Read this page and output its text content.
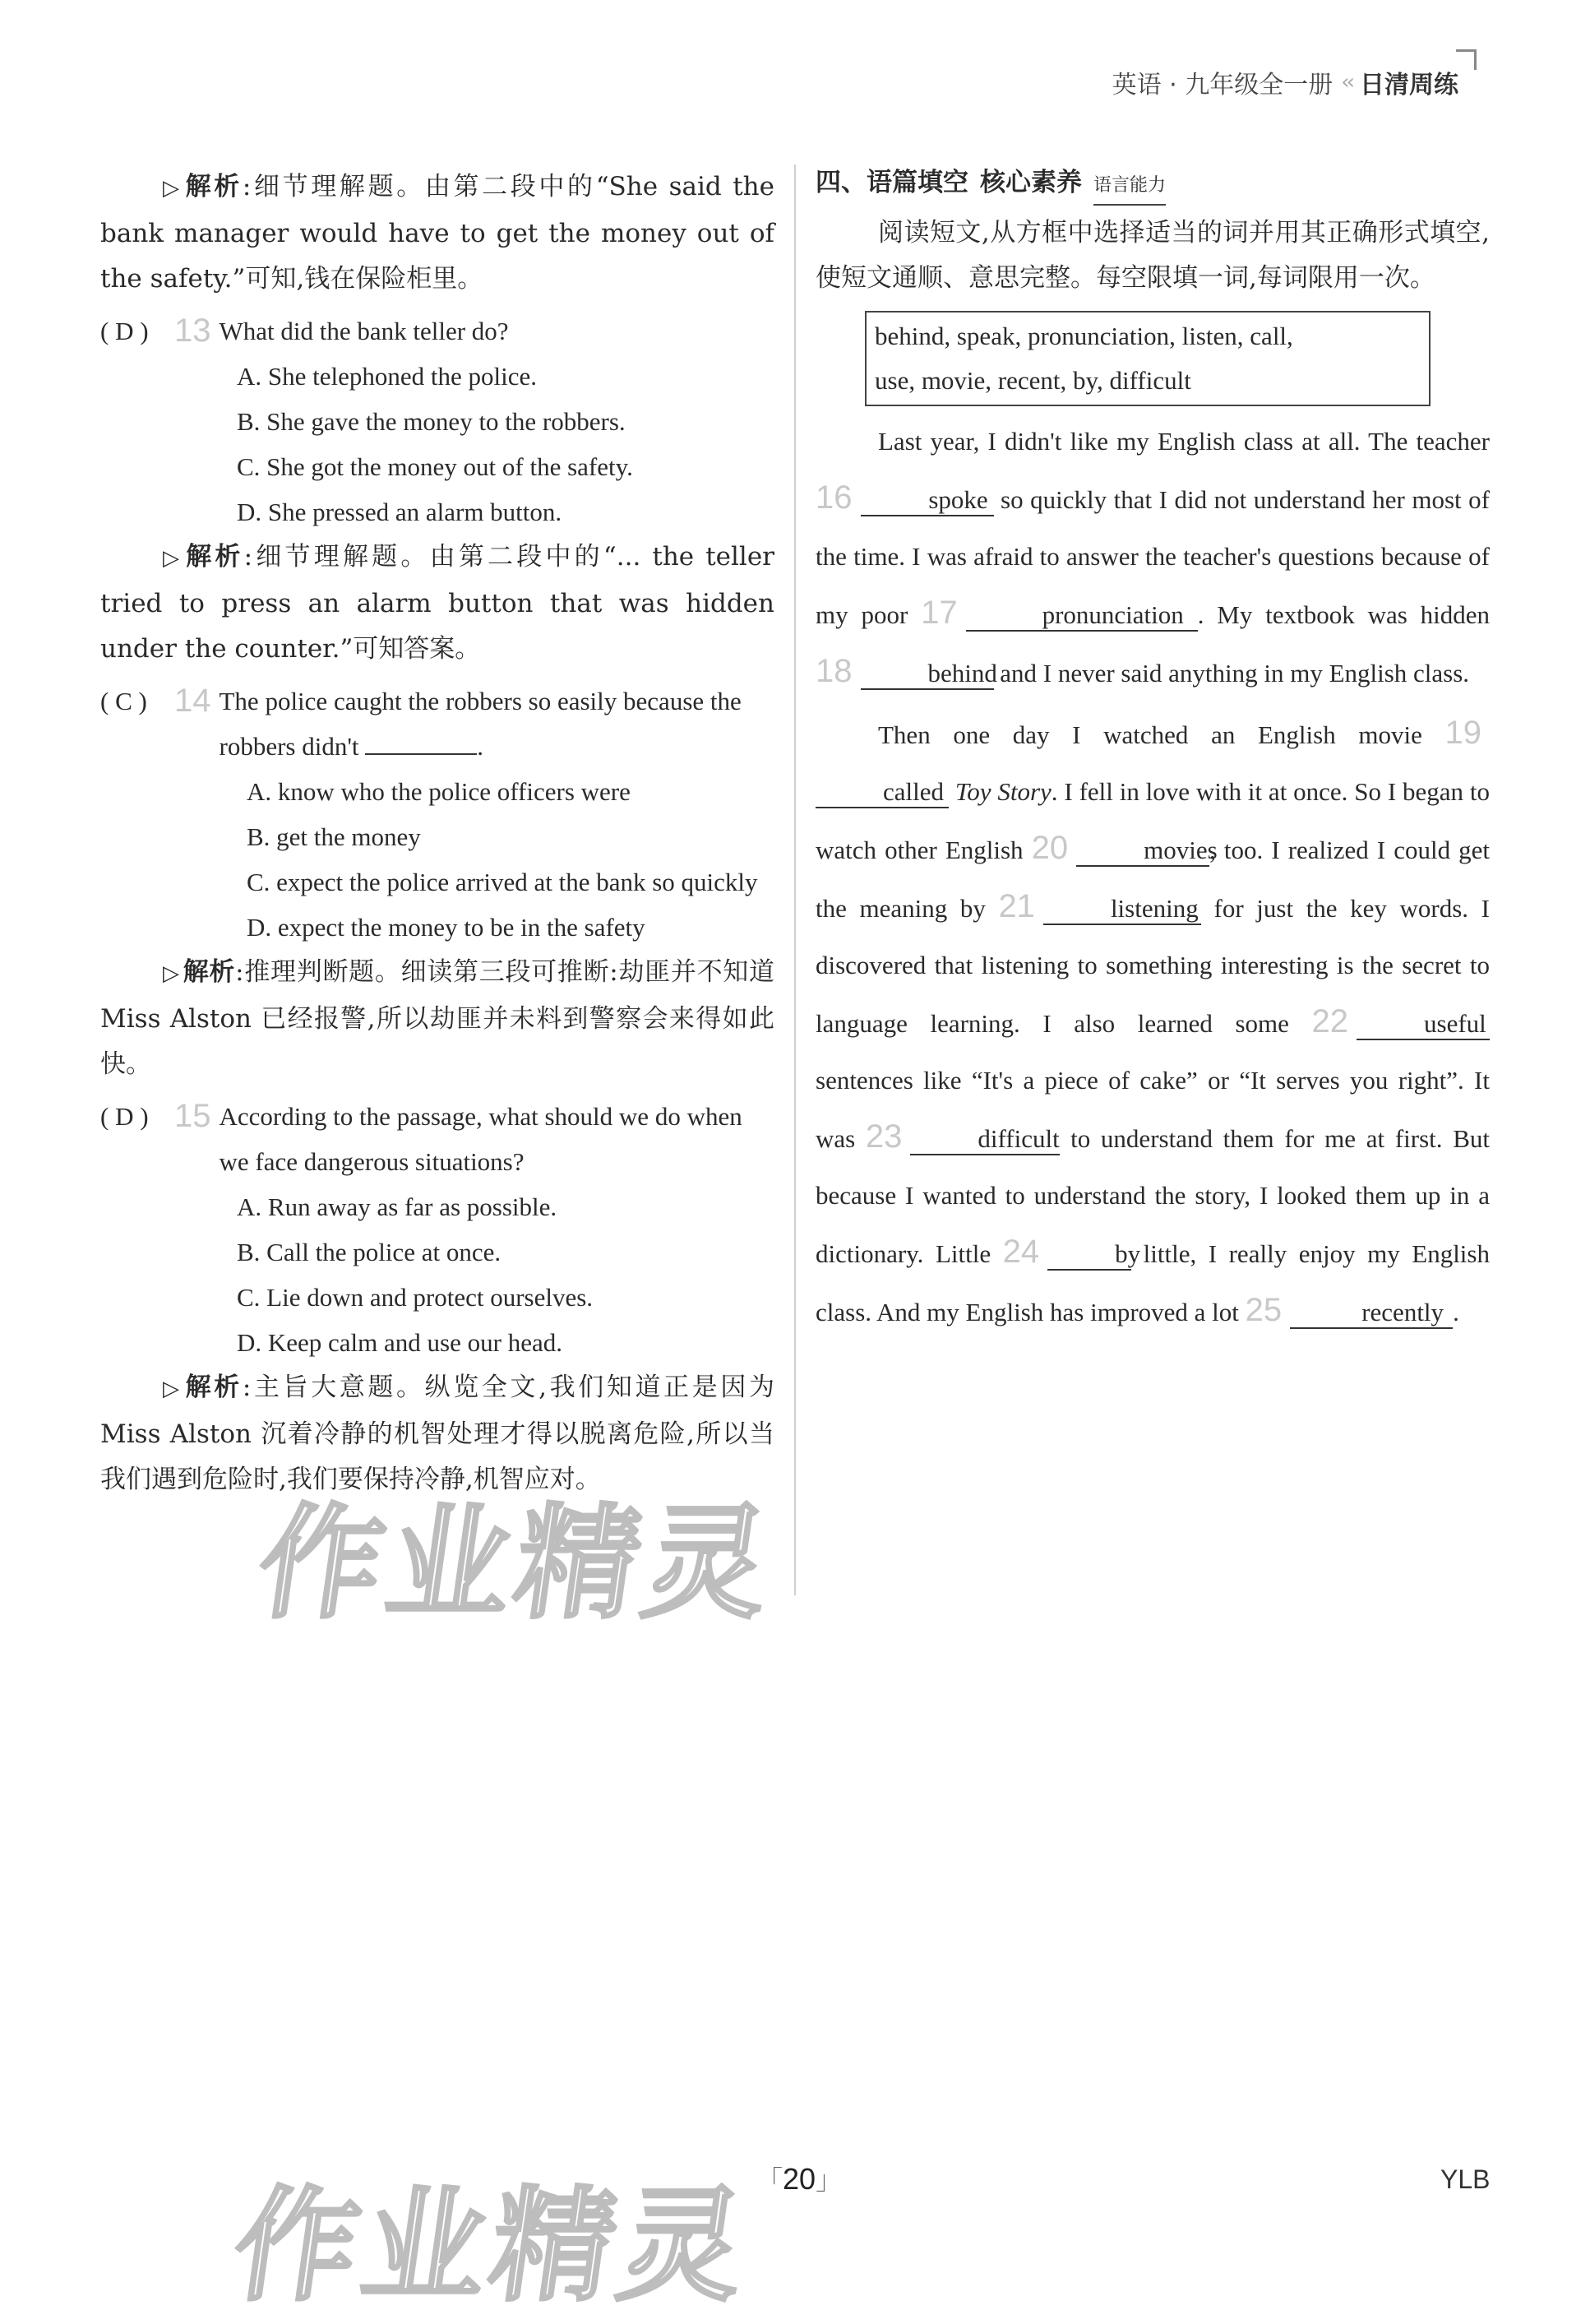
英语 · 九年级全一册 ‹‹ 日清周练
▷ 解析:细节理解题。由第二段中的“She said the bank manager would have to get the money out of the safety.”可知,钱在保险柜里。
( D ) 13 What did the bank teller do?
A. She telephoned the police.
B. She gave the money to the robbers.
C. She got the money out of the safety.
D. She pressed an alarm button.
▷ 解析:细节理解题。由第二段中的“... the teller tried to press an alarm button that was hidden under the counter.”可知答案。
( C ) 14 The police caught the robbers so easily because the robbers didn't	.
A. know who the police officers were
B. get the money
C. expect the police arrived at the bank so quickly
D. expect the money to be in the safety
▷ 解析:推理判断题。细读第三段可推断:劫匪并不知道 Miss Alston 已经报警,所以劫匪并未料到警察会来得如此快。
( D ) 15 According to the passage, what should we do when we face dangerous situations?
A. Run away as far as possible.
B. Call the police at once.
C. Lie down and protect ourselves.
D. Keep calm and use our head.
▷ 解析:主旨大意题。纵览全文,我们知道正是因为 Miss Alston 沉着冷静的机智处理才得以脱离危险,所以当我们遇到危险时,我们要保持冷静,机智应对。
四、语篇填空 核心素养 语言能力
阅读短文,从方框中选择适当的词并用其正确形式填空,使短文通顺、意思完整。每空限填一词,每词限用一次。
behind, speak, pronunciation, listen, call,
use, movie, recent, by, difficult
Last year, I didn't like my English class at all. The teacher 16	spoke so quickly that I did not understand her most of the time. I was afraid to answer the teacher's questions because of my poor 17	pronunciation . My textbook was hidden 18	behind and I never said anything in my English class.
Then one day I watched an English movie 19called Toy Story. I fell in love with it at once. So I began to watch other English 20	movies, too. I realized I could get the meaning by 21	listening for just the key words. I discovered that listening to something interesting is the secret to language learning. I also learned some 22	useful sentences like “It's a piece of cake” or “It serves you right”. It was 23	difficult to understand them for me at first. But because I wanted to understand the story, I looked them up in a dictionary. Little 24	by little, I really enjoy my English class. And my English has improved a lot 25	recently .
作业精灵
作业精灵
「20」	YLB
